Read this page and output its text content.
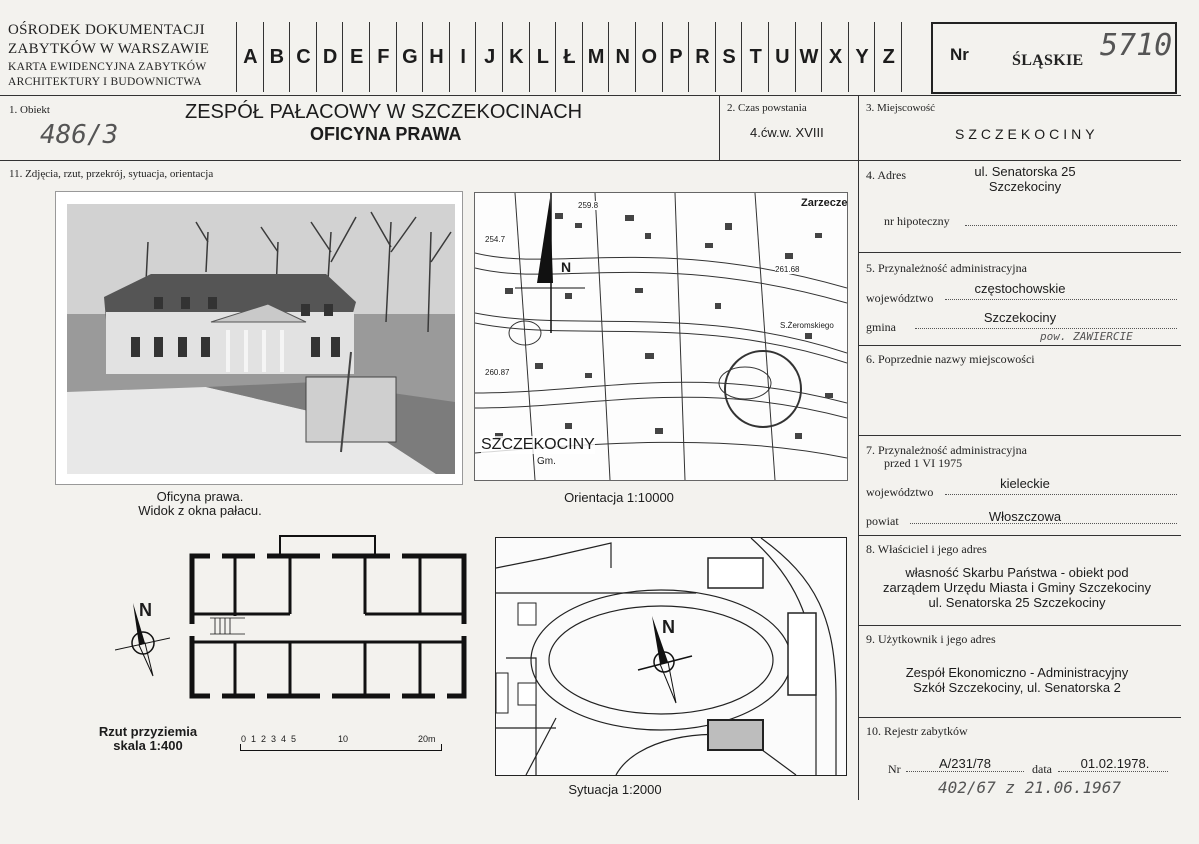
OŚRODEK DOKUMENTACJI
ZABYTKÓW W WARSZAWIE
KARTA EWIDENCYJNA ZABYTKÓW
ARCHITEKTURY I BUDOWNICTWA
A B C D E F G H I J K L Ł M N O P R S T U W X Y Z	Nr	ŚLĄSKIE 5710
1. Obiekt
486/3
ZESPÓŁ PAŁACOWY W SZCZEKOCINACH
OFICYNA PRAWA
2. Czas powstania
4.ćw.w. XVIII
3. Miejscowość
SZCZEKOCINY
11. Zdjęcia, rzut, przekrój, sytuacja, orientacja
N
Zarzecze
S.Żeromskiego
259.8
254.7
260.87
261.68
SZCZEKOCINY
Gm.
Oficyna prawa.
Widok z okna pałacu.
Orientacja 1:10000
N
Rzut przyziemia
skala 1:400	0 1 2 3 4 5	10	20m
N
Sytuacja 1:2000
4. Adres	ul. Senatorska 25
Szczekociny
nr hipoteczny
5. Przynależność administracyjna
województwo
częstochowskie
gmina
Szczekociny
pow. ZAWIERCIE
6. Poprzednie nazwy miejscowości
7. Przynależność administracyjna
przed 1 VI 1975
województwo
kieleckie
powiat	Włoszczowa
8. Właściciel i jego adres
własność Skarbu Państwa - obiekt pod
zarządem Urzędu Miasta i Gminy Szczekociny
ul. Senatorska 25 Szczekociny
9. Użytkownik i jego adres
Zespół Ekonomiczno - Administracyjny
Szkół Szczekociny, ul. Senatorska 2
10. Rejestr zabytków
Nr	A/231/78	data	01.02.1978.
402/67 z 21.06.1967
